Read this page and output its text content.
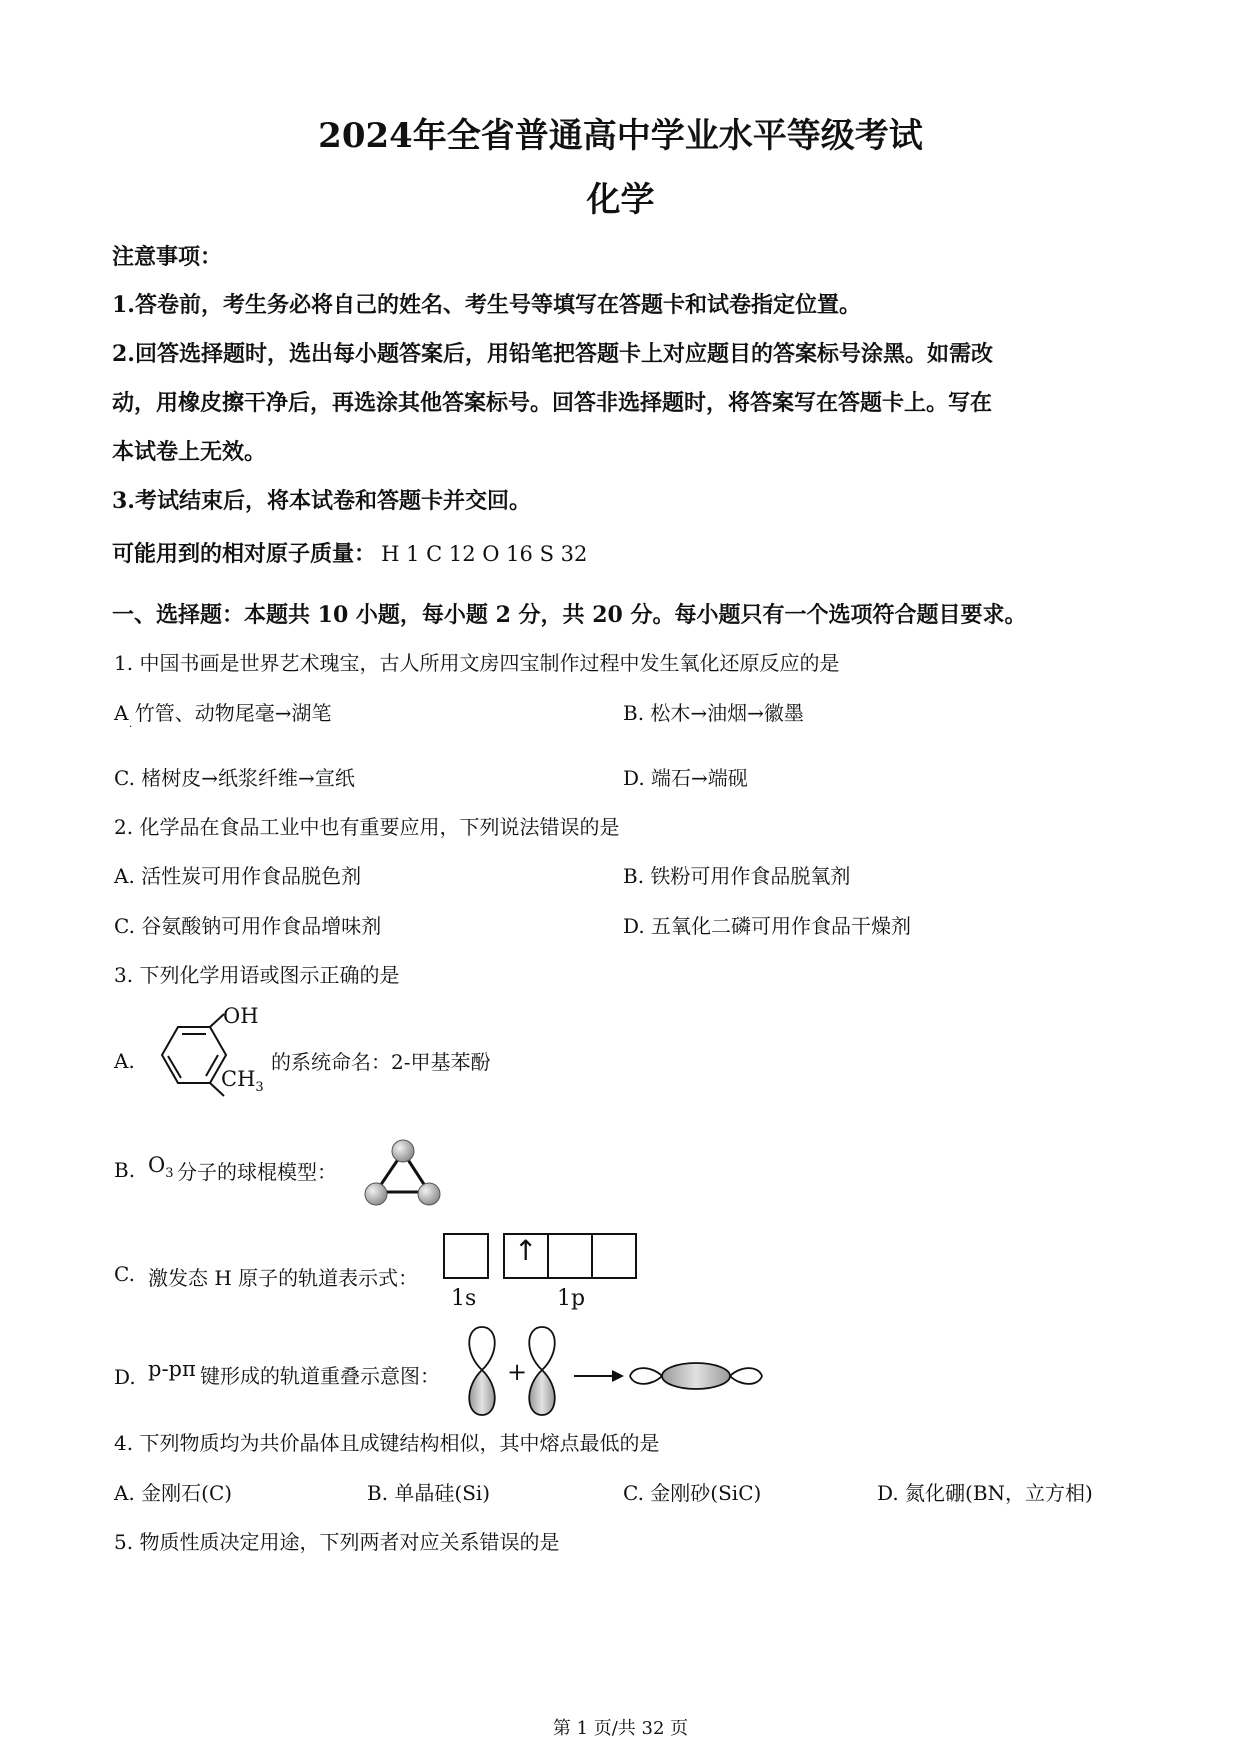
2024年全省普通高中学业水平等级考试
化学
注意事项：
1.答卷前，考生务必将自己的姓名、考生号等填写在答题卡和试卷指定位置。
2.回答选择题时，选出每小题答案后，用铅笔把答题卡上对应题目的答案标号涂黑。如需改
动，用橡皮擦干净后，再选涂其他答案标号。回答非选择题时，将答案写在答题卡上。写在
本试卷上无效。
3.考试结束后，将本试卷和答题卡并交回。
可能用到的相对原子质量： H 1 C 12 O 16 S 32
一、选择题：本题共 10 小题，每小题 2 分，共 20 分。每小题只有一个选项符合题目要求。
1. 中国书画是世界艺术瑰宝，古人所用文房四宝制作过程中发生氧化还原反应的是
A 竹管、动物尾毫→湖笔
·
B. 松木→油烟→徽墨
C. 楮树皮→纸浆纤维→宣纸	D. 端石→端砚
2. 化学品在食品工业中也有重要应用，下列说法错误的是
A. 活性炭可用作食品脱色剂	B. 铁粉可用作食品脱氧剂
C. 谷氨酸钠可用作食品增味剂	D. 五氧化二磷可用作食品干燥剂
3. 下列化学用语或图示正确的是
A.
OH
$CH_3$
的系统命名：2-甲基苯酚
B. $O_3$ 分子的球棍模型：
C. 激发态 H 原子的轨道表示式：
↑
1s	1p
D. p-pπ 键形成的轨道重叠示意图：	+
4. 下列物质均为共价晶体且成键结构相似，其中熔点最低的是
A. 金刚石(C)	B. 单晶硅(Si)	C. 金刚砂(SiC)	D. 氮化硼(BN，立方相)
5. 物质性质决定用途，下列两者对应关系错误的是
第 1 页/共 32 页
